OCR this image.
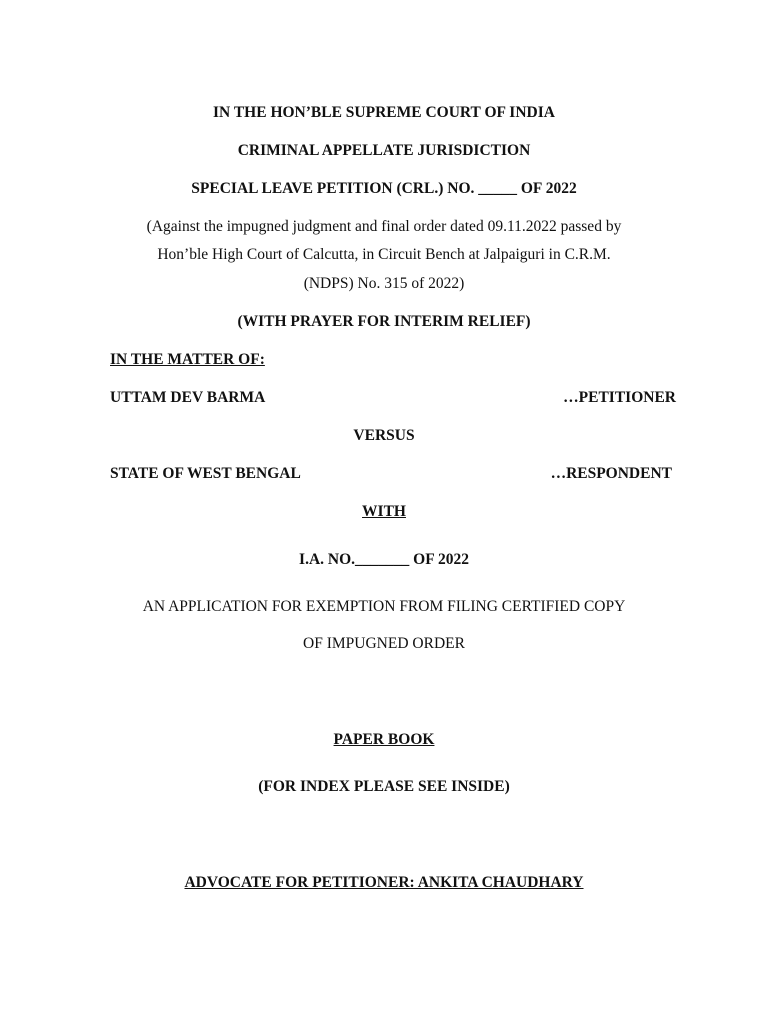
IN THE HON’BLE SUPREME COURT OF INDIA
CRIMINAL APPELLATE JURISDICTION
SPECIAL LEAVE PETITION (CRL.) NO. _____ OF 2022
(Against the impugned judgment and final order dated 09.11.2022 passed by
Hon’ble High Court of Calcutta, in Circuit Bench at Jalpaiguri in C.R.M.
(NDPS) No. 315 of 2022)
(WITH PRAYER FOR INTERIM RELIEF)
IN THE MATTER OF:
UTTAM DEV BARMA	…PETITIONER
VERSUS
STATE OF WEST BENGAL	…RESPONDENT
WITH
I.A. NO._______ OF 2022
AN APPLICATION FOR EXEMPTION FROM FILING CERTIFIED COPY
OF IMPUGNED ORDER
PAPER BOOK
(FOR INDEX PLEASE SEE INSIDE)
ADVOCATE FOR PETITIONER: ANKITA CHAUDHARY
